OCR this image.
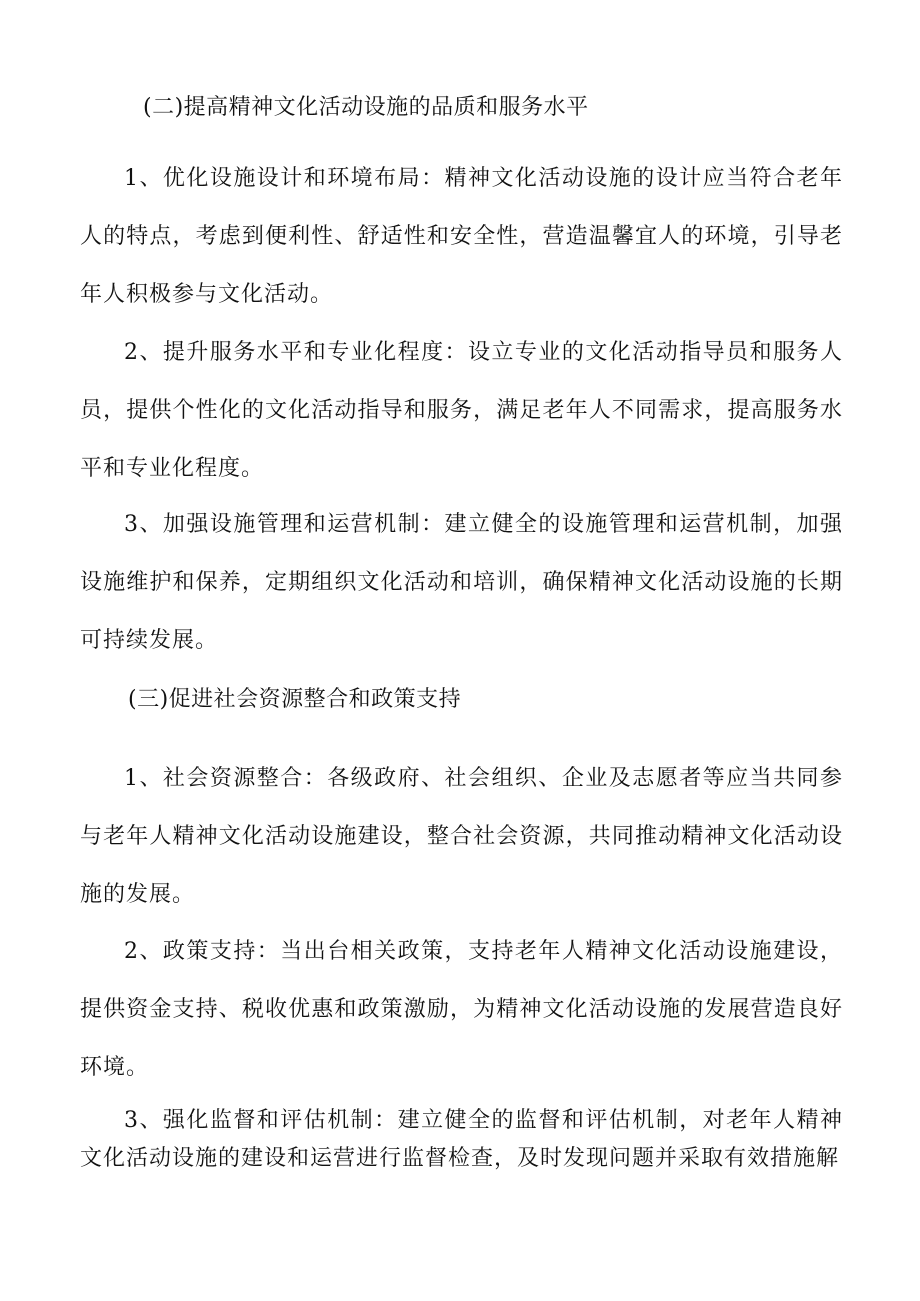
(二)提高精神文化活动设施的品质和服务水平

1、优化设施设计和环境布局：精神文化活动设施的设计应当符合老年人的特点，考虑到便利性、舒适性和安全性，营造温馨宜人的环境，引导老年人积极参与文化活动。

2、提升服务水平和专业化程度：设立专业的文化活动指导员和服务人员，提供个性化的文化活动指导和服务，满足老年人不同需求，提高服务水平和专业化程度。

3、加强设施管理和运营机制：建立健全的设施管理和运营机制，加强设施维护和保养，定期组织文化活动和培训，确保精神文化活动设施的长期可持续发展。

(三)促进社会资源整合和政策支持

1、社会资源整合：各级政府、社会组织、企业及志愿者等应当共同参与老年人精神文化活动设施建设，整合社会资源，共同推动精神文化活动设施的发展。

2、政策支持：当出台相关政策，支持老年人精神文化活动设施建设，提供资金支持、税收优惠和政策激励，为精神文化活动设施的发展营造良好环境。

3、强化监督和评估机制：建立健全的监督和评估机制，对老年人精神文化活动设施的建设和运营进行监督检查，及时发现问题并采取有效措施解
